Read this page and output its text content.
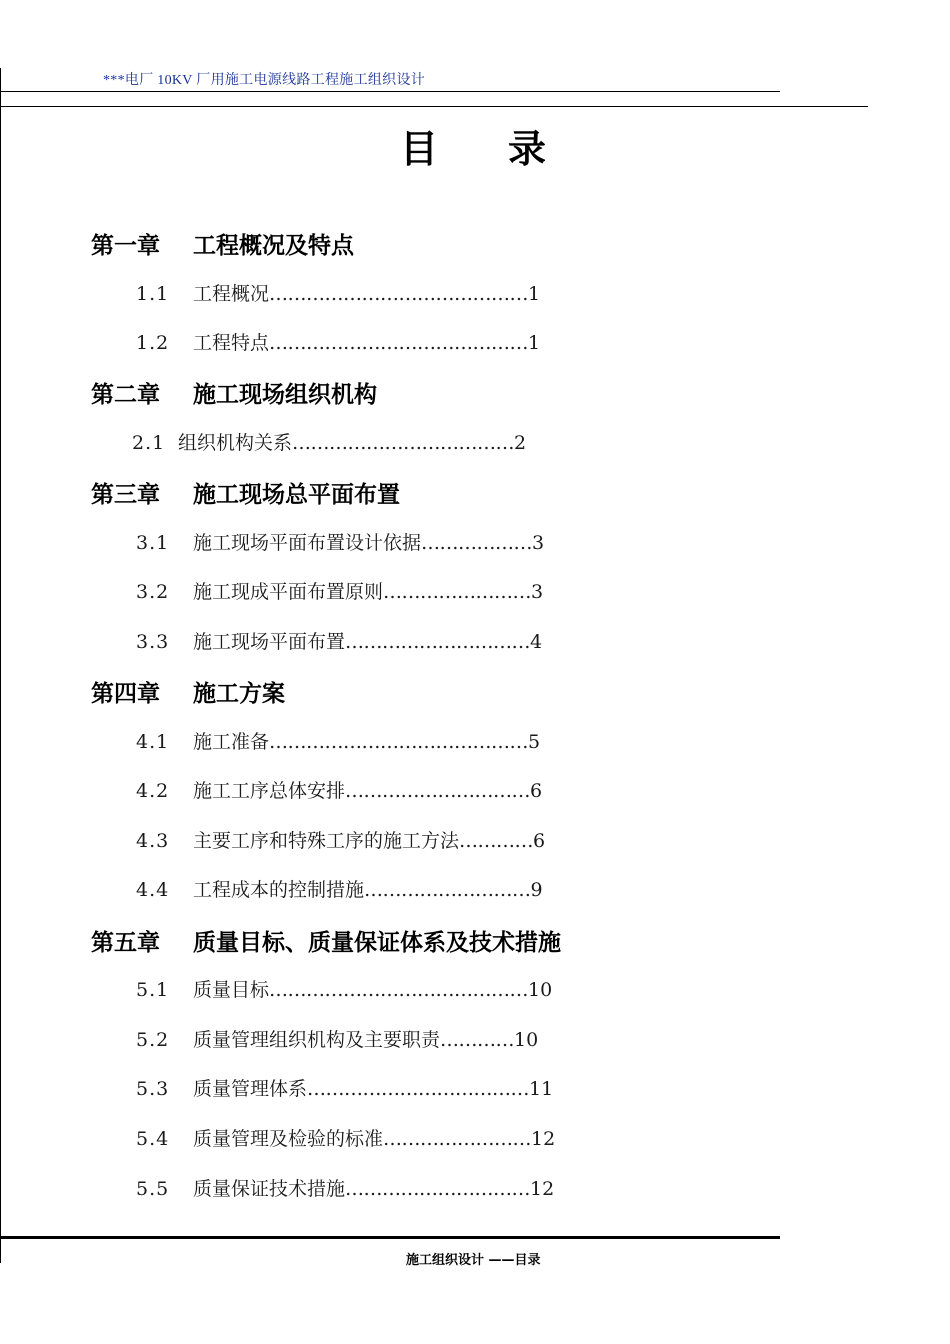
***电厂 10KV 厂用施工电源线路工程施工组织设计
目录
第一章 工程概况及特点
1.1	工程概况 …………………………………… 1
1.2	工程特点 …………………………………… 1
第二章 施工现场组织机构
2.1 组织机构关系 ……………………………… 2
第三章 施工现场总平面布置
3.1	施工现场平面布置设计依据 ……………… 3
3.2	施工现成平面布置原则 …………………… 3
3.3	施工现场平面布置 ………………………… 4
第四章 施工方案
4.1	施工准备 …………………………………… 5
4.2	施工工序总体安排 ………………………… 6
4.3	主要工序和特殊工序的施工方法 ………… 6
4.4	工程成本的控制措施 ……………………… 9
第五章 质量目标、质量保证体系及技术措施
5.1	质量目标 …………………………………… 10
5.2	质量管理组织机构及主要职责 ………… 10
5.3	质量管理体系 ……………………………… 11
5.4	质量管理及检验的标准 …………………… 12
5.5	质量保证技术措施 ………………………… 12
施工组织设计 ——目录
